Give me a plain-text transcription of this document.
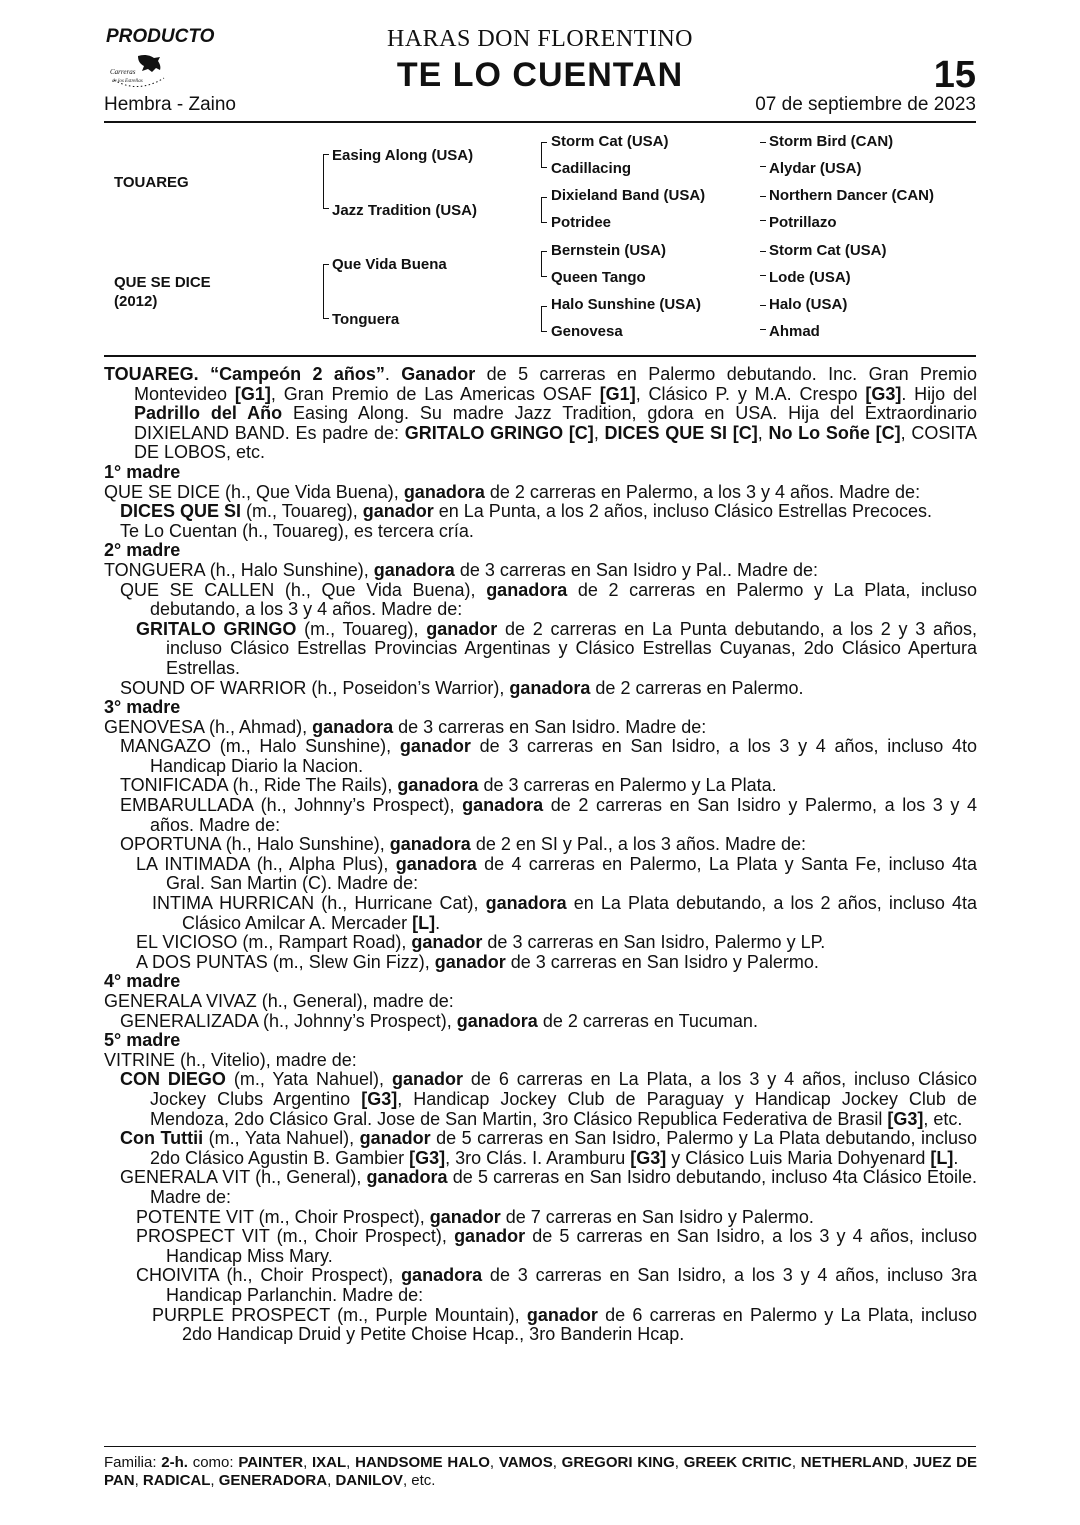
PRODUCTO
Carreras
de los Estrellas
HARAS DON FLORENTINO
TE LO CUENTAN	15
Hembra - Zaino	07 de septiembre de 2023
TOUAREG
QUE SE DICE
(2012)
Easing Along (USA)
Jazz Tradition (USA)
Que Vida Buena
Tonguera
Storm Cat (USA)
Cadillacing
Dixieland Band (USA)
Potridee
Bernstein (USA)
Queen Tango
Halo Sunshine (USA)
Genovesa
Storm Bird (CAN)
Alydar (USA)
Northern Dancer (CAN)
Potrillazo
Storm Cat (USA)
Lode (USA)
Halo (USA)
Ahmad

TOUAREG. “Campeón 2 años”. Ganador de 5 carreras en Palermo debutando. Inc. Gran Premio Montevideo [G1], Gran Premio de Las Americas OSAF [G1], Clásico P. y M.A. Crespo [G3]. Hijo del Padrillo del Año Easing Along. Su madre Jazz Tradition, gdora en USA. Hija del Extraordinario DIXIELAND BAND. Es padre de: GRITALO GRINGO [C], DICES QUE SI [C], No Lo Soñe [C], COSITA DE LOBOS, etc.

1° madre

QUE SE DICE (h., Que Vida Buena), ganadora de 2 carreras en Palermo, a los 3 y 4 años. Madre de:

DICES QUE SI (m., Touareg), ganador en La Punta, a los 2 años, incluso Clásico Estrellas Precoces.

Te Lo Cuentan (h., Touareg), es tercera cría.

2° madre

TONGUERA (h., Halo Sunshine), ganadora de 3 carreras en San Isidro y Pal.. Madre de:

QUE SE CALLEN (h., Que Vida Buena), ganadora de 2 carreras en Palermo y La Plata, incluso debutando, a los 3 y 4 años. Madre de:

GRITALO GRINGO (m., Touareg), ganador de 2 carreras en La Punta debutando, a los 2 y 3 años, incluso Clásico Estrellas Provincias Argentinas y Clásico Estrellas Cuyanas, 2do Clásico Apertura Estrellas.

SOUND OF WARRIOR (h., Poseidon’s Warrior), ganadora de 2 carreras en Palermo.

3° madre

GENOVESA (h., Ahmad), ganadora de 3 carreras en San Isidro. Madre de:

MANGAZO (m., Halo Sunshine), ganador de 3 carreras en San Isidro, a los 3 y 4 años, incluso 4to Handicap Diario la Nacion.

TONIFICADA (h., Ride The Rails), ganadora de 3 carreras en Palermo y La Plata.

EMBARULLADA (h., Johnny’s Prospect), ganadora de 2 carreras en San Isidro y Palermo, a los 3 y 4 años. Madre de:

OPORTUNA (h., Halo Sunshine), ganadora de 2 en SI y Pal., a los 3 años. Madre de:

LA INTIMADA (h., Alpha Plus), ganadora de 4 carreras en Palermo, La Plata y Santa Fe, incluso 4ta Gral. San Martin (C). Madre de:

INTIMA HURRICAN (h., Hurricane Cat), ganadora en La Plata debutando, a los 2 años, incluso 4ta Clásico Amilcar A. Mercader [L].

EL VICIOSO (m., Rampart Road), ganador de 3 carreras en San Isidro, Palermo y LP.

A DOS PUNTAS (m., Slew Gin Fizz), ganador de 3 carreras en San Isidro y Palermo.

4° madre

GENERALA VIVAZ (h., General), madre de:

GENERALIZADA (h., Johnny’s Prospect), ganadora de 2 carreras en Tucuman.

5° madre

VITRINE (h., Vitelio), madre de:

CON DIEGO (m., Yata Nahuel), ganador de 6 carreras en La Plata, a los 3 y 4 años, incluso Clásico Jockey Clubs Argentino [G3], Handicap Jockey Club de Paraguay y Handicap Jockey Club de Mendoza, 2do Clásico Gral. Jose de San Martin, 3ro Clásico Republica Federativa de Brasil [G3], etc.

Con Tuttii (m., Yata Nahuel), ganador de 5 carreras en San Isidro, Palermo y La Plata debutando, incluso 2do Clásico Agustin B. Gambier [G3], 3ro Clás. I. Aramburu [G3] y Clásico Luis Maria Dohyenard [L].

GENERALA VIT (h., General), ganadora de 5 carreras en San Isidro debutando, incluso 4ta Clásico Etoile. Madre de:

POTENTE VIT (m., Choir Prospect), ganador de 7 carreras en San Isidro y Palermo.

PROSPECT VIT (m., Choir Prospect), ganador de 5 carreras en San Isidro, a los 3 y 4 años, incluso Handicap Miss Mary.

CHOIVITA (h., Choir Prospect), ganadora de 3 carreras en San Isidro, a los 3 y 4 años, incluso 3ra Handicap Parlanchin. Madre de:

PURPLE PROSPECT (m., Purple Mountain), ganador de 6 carreras en Palermo y La Plata, incluso 2do Handicap Druid y Petite Choise Hcap., 3ro Banderin Hcap.

Familia: 2-h. como: PAINTER, IXAL, HANDSOME HALO, VAMOS, GREGORI KING, GREEK CRITIC, NETHERLAND, JUEZ DE PAN, RADICAL, GENERADORA, DANILOV, etc.
